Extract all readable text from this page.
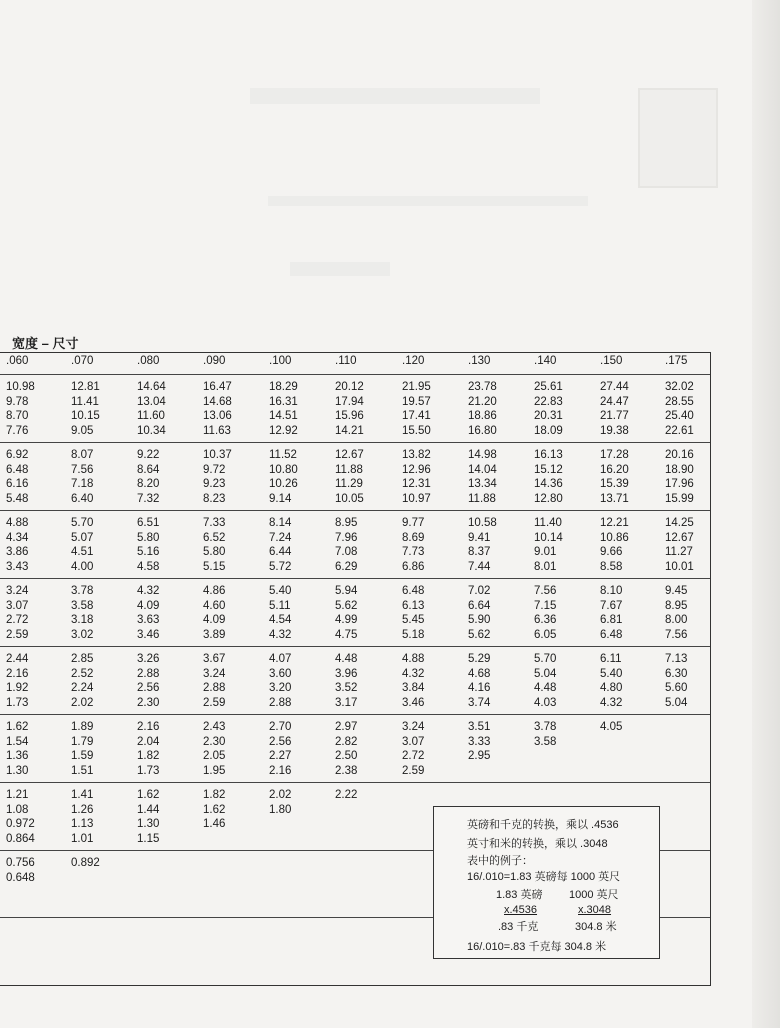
宽度 – 尺寸
.060	.070	.080	.090	.100	.110	.120	.130	.140	.150	.175
10.98	12.81	14.64	16.47	18.29	20.12	21.95	23.78	25.61	27.44	32.02
9.78	11.41	13.04	14.68	16.31	17.94	19.57	21.20	22.83	24.47	28.55
8.70	10.15	11.60	13.06	14.51	15.96	17.41	18.86	20.31	21.77	25.40
7.76	9.05	10.34	11.63	12.92	14.21	15.50	16.80	18.09	19.38	22.61
6.92	8.07	9.22	10.37	11.52	12.67	13.82	14.98	16.13	17.28	20.16
6.48	7.56	8.64	9.72	10.80	11.88	12.96	14.04	15.12	16.20	18.90
6.16	7.18	8.20	9.23	10.26	11.29	12.31	13.34	14.36	15.39	17.96
5.48	6.40	7.32	8.23	9.14	10.05	10.97	11.88	12.80	13.71	15.99
4.88	5.70	6.51	7.33	8.14	8.95	9.77	10.58	11.40	12.21	14.25
4.34	5.07	5.80	6.52	7.24	7.96	8.69	9.41	10.14	10.86	12.67
3.86	4.51	5.16	5.80	6.44	7.08	7.73	8.37	9.01	9.66	11.27
3.43	4.00	4.58	5.15	5.72	6.29	6.86	7.44	8.01	8.58	10.01
3.24	3.78	4.32	4.86	5.40	5.94	6.48	7.02	7.56	8.10	9.45
3.07	3.58	4.09	4.60	5.11	5.62	6.13	6.64	7.15	7.67	8.95
2.72	3.18	3.63	4.09	4.54	4.99	5.45	5.90	6.36	6.81	8.00
2.59	3.02	3.46	3.89	4.32	4.75	5.18	5.62	6.05	6.48	7.56
2.44	2.85	3.26	3.67	4.07	4.48	4.88	5.29	5.70	6.11	7.13
2.16	2.52	2.88	3.24	3.60	3.96	4.32	4.68	5.04	5.40	6.30
1.92	2.24	2.56	2.88	3.20	3.52	3.84	4.16	4.48	4.80	5.60
1.73	2.02	2.30	2.59	2.88	3.17	3.46	3.74	4.03	4.32	5.04
1.62	1.89	2.16	2.43	2.70	2.97	3.24	3.51	3.78	4.05
1.54	1.79	2.04	2.30	2.56	2.82	3.07	3.33	3.58
1.36	1.59	1.82	2.05	2.27	2.50	2.72	2.95
1.30	1.51	1.73	1.95	2.16	2.38	2.59
1.21	1.41	1.62	1.82	2.02	2.22
1.08	1.26	1.44	1.62	1.80
0.972	1.13	1.30	1.46
0.864	1.01	1.15
0.756	0.892
0.648
英磅和千克的转换，乘以 .4536
英寸和米的转换，乘以 .3048
表中的例子：
16/.010=1.83 英磅每 1000 英尺
1.83 英磅 1000 英尺
x.4536	x.3048
.83 千克	304.8 米
16/.010=.83 千克每 304.8 米
